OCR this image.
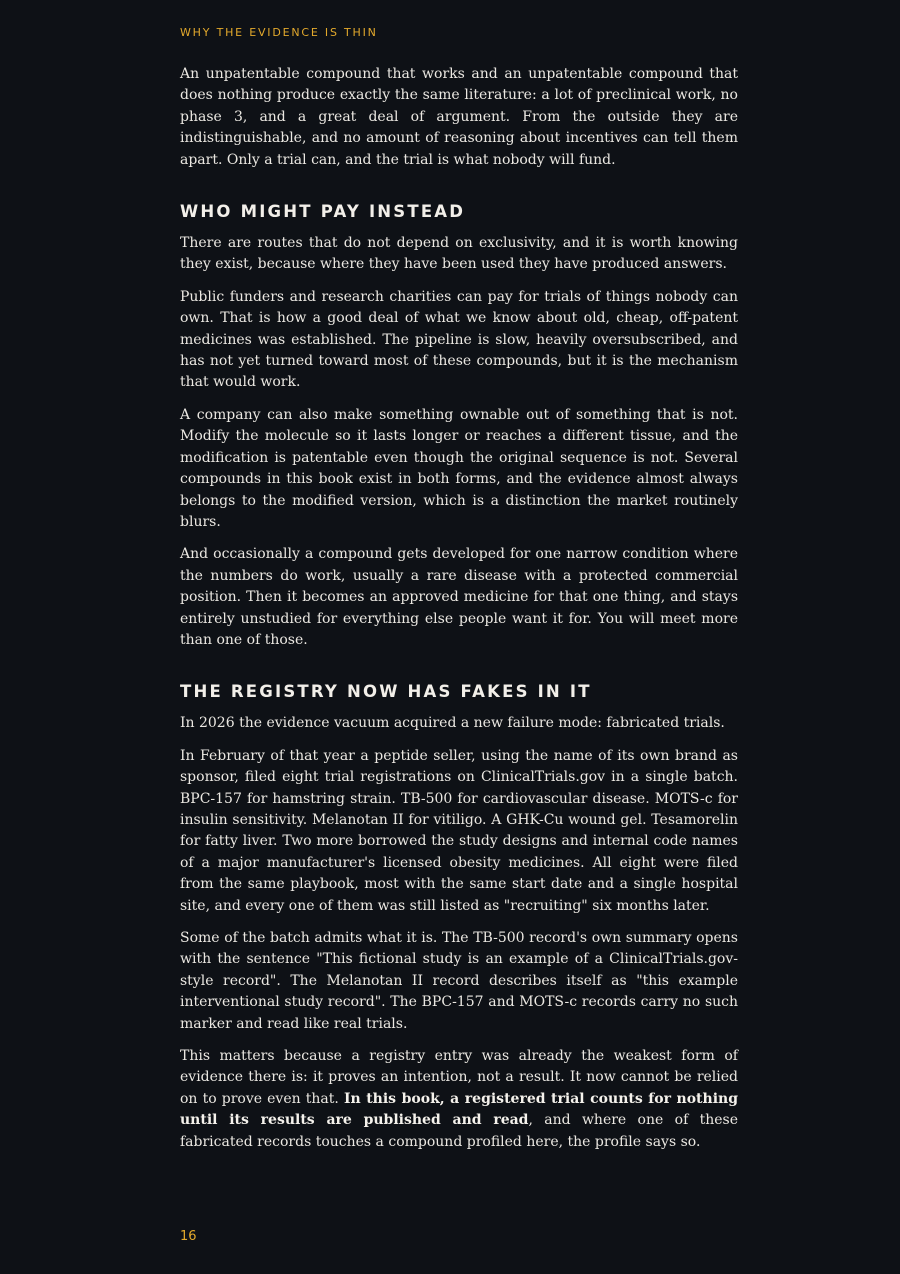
WHY THE EVIDENCE IS THIN

An unpatentable compound that works and an unpatentable compound that does nothing produce exactly the same literature: a lot of preclinical work, no phase 3, and a great deal of argument. From the outside they are indistinguishable, and no amount of reasoning about incentives can tell them apart. Only a trial can, and the trial is what nobody will fund.

WHO MIGHT PAY INSTEAD

There are routes that do not depend on exclusivity, and it is worth knowing they exist, because where they have been used they have produced answers.

Public funders and research charities can pay for trials of things nobody can own. That is how a good deal of what we know about old, cheap, off-patent medicines was established. The pipeline is slow, heavily oversubscribed, and has not yet turned toward most of these compounds, but it is the mechanism that would work.

A company can also make something ownable out of something that is not. Modify the molecule so it lasts longer or reaches a different tissue, and the modification is patentable even though the original sequence is not. Several compounds in this book exist in both forms, and the evidence almost always belongs to the modified version, which is a distinction the market routinely blurs.

And occasionally a compound gets developed for one narrow condition where the numbers do work, usually a rare disease with a protected commercial position. Then it becomes an approved medicine for that one thing, and stays entirely unstudied for everything else people want it for. You will meet more than one of those.

THE REGISTRY NOW HAS FAKES IN IT

In 2026 the evidence vacuum acquired a new failure mode: fabricated trials.

In February of that year a peptide seller, using the name of its own brand as sponsor, filed eight trial registrations on ClinicalTrials.gov in a single batch. BPC-157 for hamstring strain. TB-500 for cardiovascular disease. MOTS-c for insulin sensitivity. Melanotan II for vitiligo. A GHK-Cu wound gel. Tesamorelin for fatty liver. Two more borrowed the study designs and internal code names of a major manufacturer's licensed obesity medicines. All eight were filed from the same playbook, most with the same start date and a single hospital site, and every one of them was still listed as "recruiting" six months later.

Some of the batch admits what it is. The TB-500 record's own summary opens with the sentence "This fictional study is an example of a ClinicalTrials.gov-style record". The Melanotan II record describes itself as "this example interventional study record". The BPC-157 and MOTS-c records carry no such marker and read like real trials.

This matters because a registry entry was already the weakest form of evidence there is: it proves an intention, not a result. It now cannot be relied on to prove even that. In this book, a registered trial counts for nothing until its results are published and read, and where one of these fabricated records touches a compound profiled here, the profile says so.

16
